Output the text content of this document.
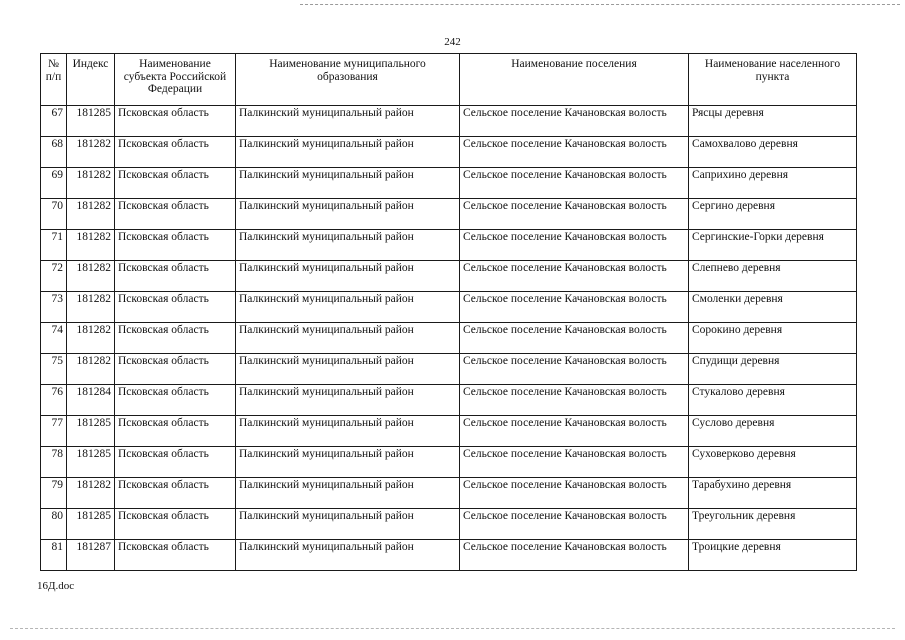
242
№ п/п	Индекс	Наименование субъекта Российской Федерации	Наименование муниципального образования	Наименование поселения	Наименование населенного пункта
67	181285	Псковская область	Палкинский муниципальный район	Сельское поселение Качановская волость	Рясцы деревня
68	181282	Псковская область	Палкинский муниципальный район	Сельское поселение Качановская волость	Самохвалово деревня
69	181282	Псковская область	Палкинский муниципальный район	Сельское поселение Качановская волость	Саприхино деревня
70	181282	Псковская область	Палкинский муниципальный район	Сельское поселение Качановская волость	Сергино деревня
71	181282	Псковская область	Палкинский муниципальный район	Сельское поселение Качановская волость	Сергинские-Горки деревня
72	181282	Псковская область	Палкинский муниципальный район	Сельское поселение Качановская волость	Слепнево деревня
73	181282	Псковская область	Палкинский муниципальный район	Сельское поселение Качановская волость	Смоленки деревня
74	181282	Псковская область	Палкинский муниципальный район	Сельское поселение Качановская волость	Сорокино деревня
75	181282	Псковская область	Палкинский муниципальный район	Сельское поселение Качановская волость	Спудищи деревня
76	181284	Псковская область	Палкинский муниципальный район	Сельское поселение Качановская волость	Стукалово деревня
77	181285	Псковская область	Палкинский муниципальный район	Сельское поселение Качановская волость	Суслово деревня
78	181285	Псковская область	Палкинский муниципальный район	Сельское поселение Качановская волость	Суховерково деревня
79	181282	Псковская область	Палкинский муниципальный район	Сельское поселение Качановская волость	Тарабухино деревня
80	181285	Псковская область	Палкинский муниципальный район	Сельское поселение Качановская волость	Треугольник деревня
81	181287	Псковская область	Палкинский муниципальный район	Сельское поселение Качановская волость	Троицкие деревня
16Д.doc
